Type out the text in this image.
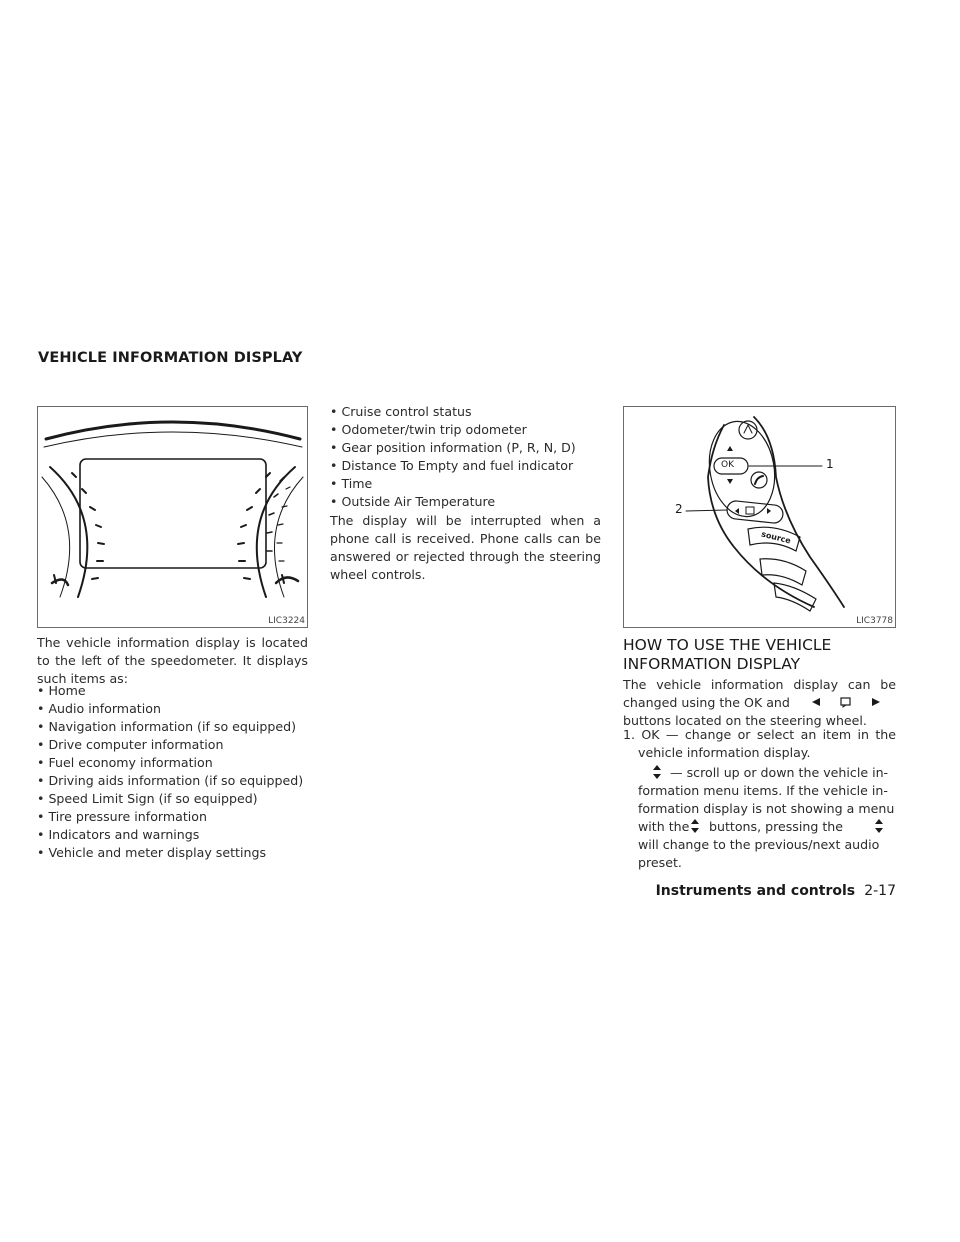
VEHICLE INFORMATION DISPLAY
LIC3224
The vehicle information display is located to the left of the speedometer. It displays such items as:
• Home
• Audio information
• Navigation information (if so equipped)
• Drive computer information
• Fuel economy information
• Driving aids information (if so equipped)
• Speed Limit Sign (if so equipped)
• Tire pressure information
• Indicators and warnings
• Vehicle and meter display settings
• Cruise control status
• Odometer/twin trip odometer
• Gear position information (P, R, N, D)
• Distance To Empty and fuel indicator
• Time
• Outside Air Temperature
The display will be interrupted when a phone call is received. Phone calls can be answered or rejected through the steering wheel controls.
OK
source
1
2
LIC3778
HOW TO USE THE VEHICLE
INFORMATION DISPLAY
The vehicle information display can be changed using the OK and
buttons located on the steering wheel.
1. OK — change or select an item in the vehicle information display.
— scroll up or down the vehicle in-
formation menu items. If the vehicle in-
formation display is not showing a menu
with the buttons, pressing the
will change to the previous/next audio
preset.
Instruments and controls 2-17
